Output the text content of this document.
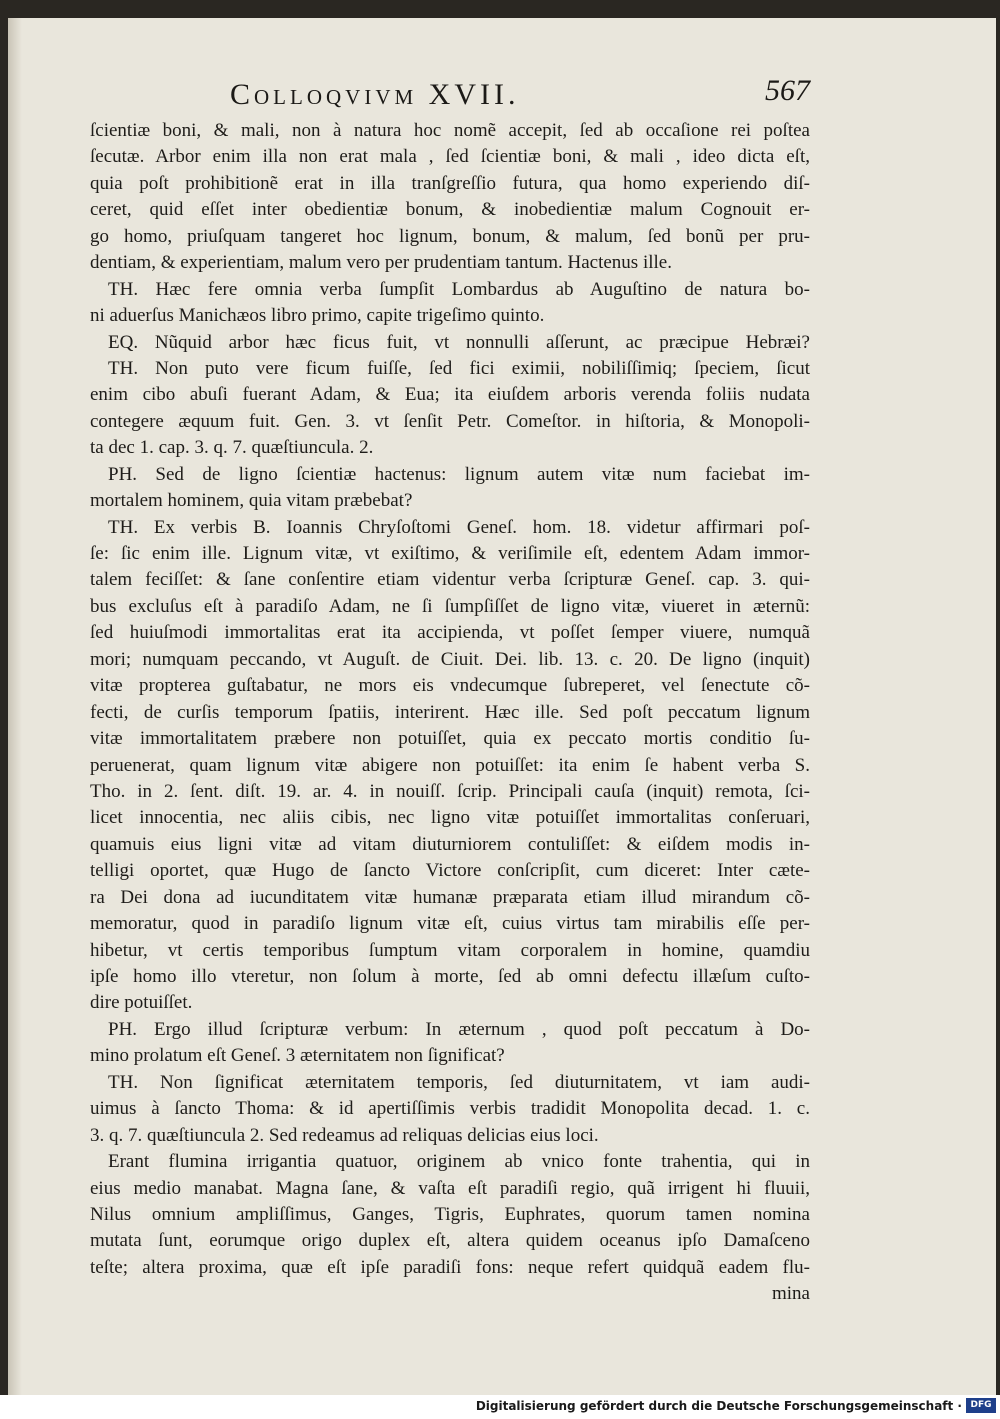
Colloqvivm XVII.	567
ſcientiæ boni, & mali, non à natura hoc nomẽ accepit, ſed ab occaſione rei poſtea
ſecutæ. Arbor enim illa non erat mala , ſed ſcientiæ boni, & mali , ideo dicta eſt,
quia poſt prohibitionẽ erat in illa tranſgreſſio futura, qua homo experiendo diſ-
ceret, quid eſſet inter obedientiæ bonum, & inobedientiæ malum Cognouit er-
go homo, priuſquam tangeret hoc lignum, bonum, & malum, ſed bonũ per pru-
dentiam, & experientiam, malum vero per prudentiam tantum. Hactenus ille.
TH. Hæc fere omnia verba ſumpſit Lombardus ab Auguſtino de natura bo-
ni aduerſus Manichæos libro primo, capite trigeſimo quinto.
EQ. Nũquid arbor hæc ficus fuit, vt nonnulli aſſerunt, ac præcipue Hebræi?
TH. Non puto vere ficum fuiſſe, ſed fici eximii, nobiliſſimiq; ſpeciem, ſicut
enim cibo abuſi fuerant Adam, & Eua; ita eiuſdem arboris verenda foliis nudata
contegere æquum fuit. Gen. 3. vt ſenſit Petr. Comeſtor. in hiſtoria, & Monopoli-
ta dec 1. cap. 3. q. 7. quæſtiuncula. 2.
PH. Sed de ligno ſcientiæ hactenus: lignum autem vitæ num faciebat im-
mortalem hominem, quia vitam præbebat?
TH. Ex verbis B. Ioannis Chryſoſtomi Geneſ. hom. 18. videtur affirmari poſ-
ſe: ſic enim ille. Lignum vitæ, vt exiſtimo, & veriſimile eſt, edentem Adam immor-
talem feciſſet: & ſane conſentire etiam videntur verba ſcripturæ Geneſ. cap. 3. qui-
bus excluſus eſt à paradiſo Adam, ne ſi ſumpſiſſet de ligno vitæ, viueret in æternũ:
ſed huiuſmodi immortalitas erat ita accipienda, vt poſſet ſemper viuere, numquã
mori; numquam peccando, vt Auguſt. de Ciuit. Dei. lib. 13. c. 20. De ligno (inquit)
vitæ propterea guſtabatur, ne mors eis vndecumque ſubreperet, vel ſenectute cõ-
fecti, de curſis temporum ſpatiis, interirent. Hæc ille. Sed poſt peccatum lignum
vitæ immortalitatem præbere non potuiſſet, quia ex peccato mortis conditio ſu-
peruenerat, quam lignum vitæ abigere non potuiſſet: ita enim ſe habent verba S.
Tho. in 2. ſent. diſt. 19. ar. 4. in nouiſſ. ſcrip. Principali cauſa (inquit) remota, ſci-
licet innocentia, nec aliis cibis, nec ligno vitæ potuiſſet immortalitas conſeruari,
quamuis eius ligni vitæ ad vitam diuturniorem contuliſſet: & eiſdem modis in-
telligi oportet, quæ Hugo de ſancto Victore conſcripſit, cum diceret: Inter cæte-
ra Dei dona ad iucunditatem vitæ humanæ præparata etiam illud mirandum cõ-
memoratur, quod in paradiſo lignum vitæ eſt, cuius virtus tam mirabilis eſſe per-
hibetur, vt certis temporibus ſumptum vitam corporalem in homine, quamdiu
ipſe homo illo vteretur, non ſolum à morte, ſed ab omni defectu illæſum cuſto-
dire potuiſſet.
PH. Ergo illud ſcripturæ verbum: In æternum , quod poſt peccatum à Do-
mino prolatum eſt Geneſ. 3 æternitatem non ſignificat?
TH. Non ſignificat æternitatem temporis, ſed diuturnitatem, vt iam audi-
uimus à ſancto Thoma: & id apertiſſimis verbis tradidit Monopolita decad. 1. c.
3. q. 7. quæſtiuncula 2. Sed redeamus ad reliquas delicias eius loci.
Erant flumina irrigantia quatuor, originem ab vnico fonte trahentia, qui in
eius medio manabat. Magna ſane, & vaſta eſt paradiſi regio, quã irrigent hi fluuii,
Nilus omnium ampliſſimus, Ganges, Tigris, Euphrates, quorum tamen nomina
mutata ſunt, eorumque origo duplex eſt, altera quidem oceanus ipſo Damaſceno
teſte; altera proxima, quæ eſt ipſe paradiſi fons: neque refert quidquã eadem flu-
mina
Digitalisierung gefördert durch die Deutsche Forschungsgemeinschaft · DFG
